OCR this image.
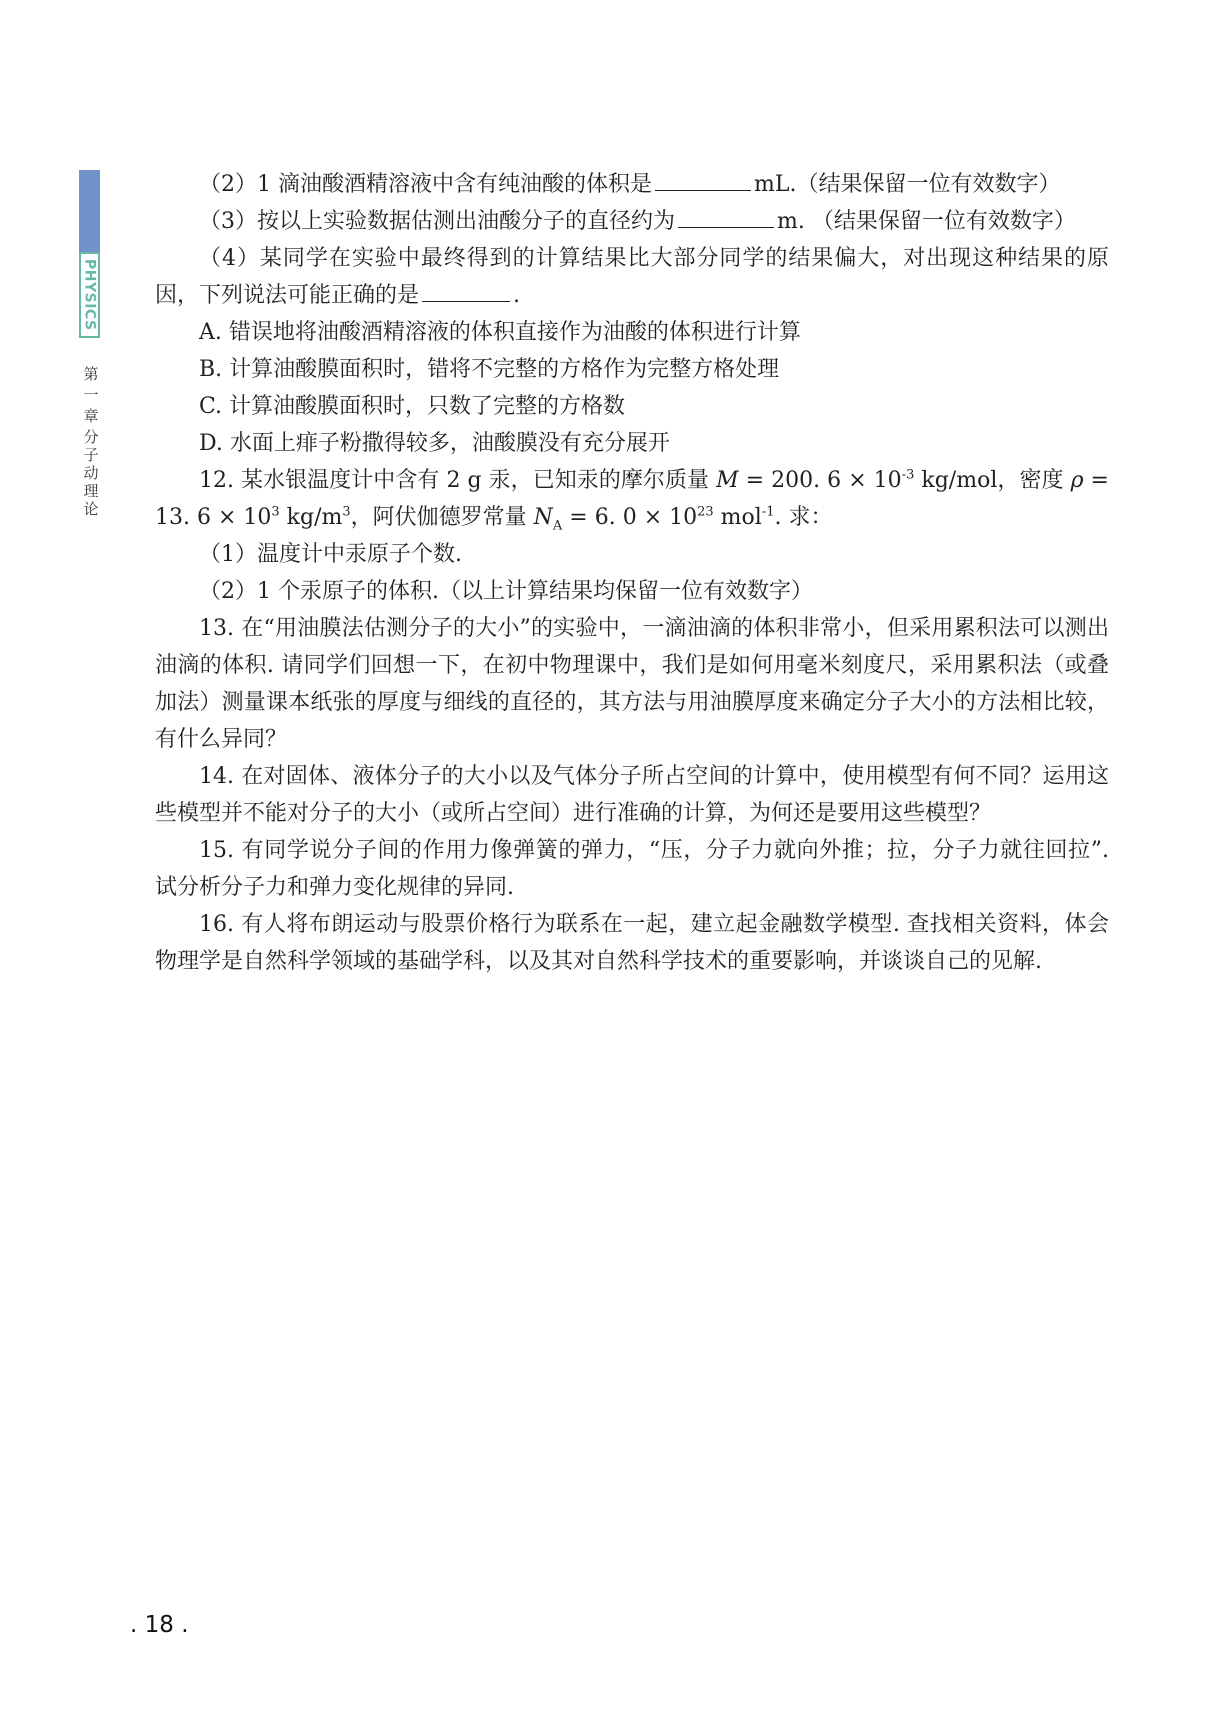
PHYSICS
第一章
分子动理论

（2）1 滴油酸酒精溶液中含有纯油酸的体积是	mL.（结果保留一位有效数字）

（3）按以上实验数据估测出油酸分子的直径约为	m. （结果保留一位有效数字）

（4）某同学在实验中最终得到的计算结果比大部分同学的结果偏大，对出现这种结果的原因，下列说法可能正确的是	.

A. 错误地将油酸酒精溶液的体积直接作为油酸的体积进行计算

B. 计算油酸膜面积时，错将不完整的方格作为完整方格处理

C. 计算油酸膜面积时，只数了完整的方格数

D. 水面上痱子粉撒得较多，油酸膜没有充分展开

12. 某水银温度计中含有 2 g 汞，已知汞的摩尔质量 M = 200. $6 \times 10^{-3}$ kg/mol，密度 ρ = 13. $6 \times 10^3$ $kg/m^3$，阿伏伽德罗常量 $N_A = 6$. $0 \times 10^{23}$ mol$^{-1}$. 求：

（1）温度计中汞原子个数.

（2）1 个汞原子的体积.（以上计算结果均保留一位有效数字）

13. 在“用油膜法估测分子的大小”的实验中，一滴油滴的体积非常小，但采用累积法可以测出油滴的体积. 请同学们回想一下，在初中物理课中，我们是如何用毫米刻度尺，采用累积法（或叠加法）测量课本纸张的厚度与细线的直径的，其方法与用油膜厚度来确定分子大小的方法相比较，有什么异同？

14. 在对固体、液体分子的大小以及气体分子所占空间的计算中，使用模型有何不同？运用这些模型并不能对分子的大小（或所占空间）进行准确的计算，为何还是要用这些模型？

15. 有同学说分子间的作用力像弹簧的弹力，“压，分子力就向外推；拉，分子力就往回拉”. 试分析分子力和弹力变化规律的异同.

16. 有人将布朗运动与股票价格行为联系在一起，建立起金融数学模型. 查找相关资料，体会物理学是自然科学领域的基础学科，以及其对自然科学技术的重要影响，并谈谈自己的见解.

. 18 .
